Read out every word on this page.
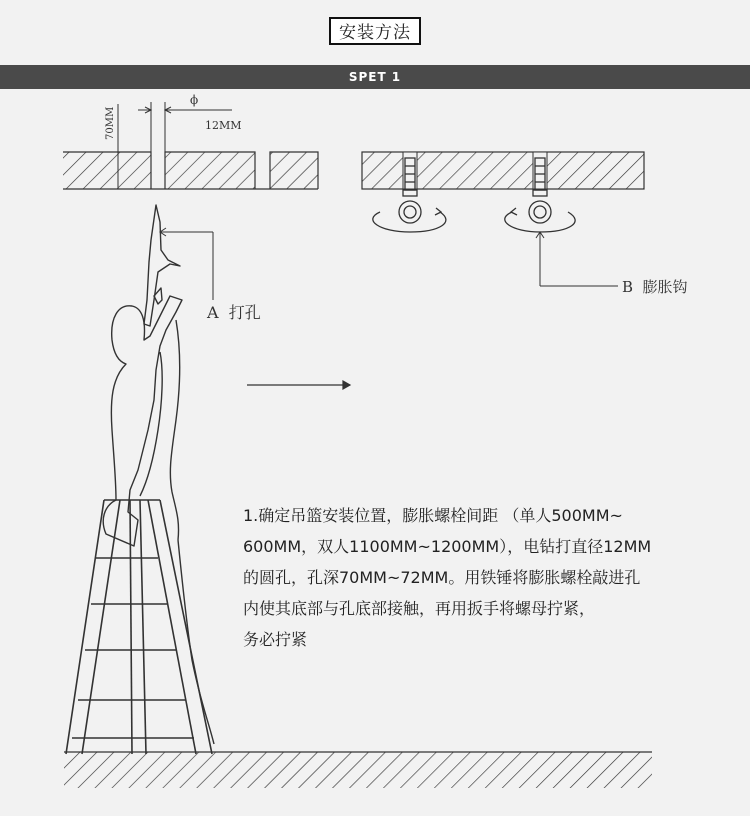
安装方法
SPET 1
ϕ
12MM
70MM
B  膨胀钩
A  打孔

1.确定吊篮安装位置，膨胀螺栓间距 （单人500MM~

600MM，双人1100MM~1200MM），电钻打直径12MM

的圆孔，孔深70MM~72MM。用铁锤将膨胀螺栓敲进孔

内使其底部与孔底部接触，再用扳手将螺母拧紧，

务必拧紧
